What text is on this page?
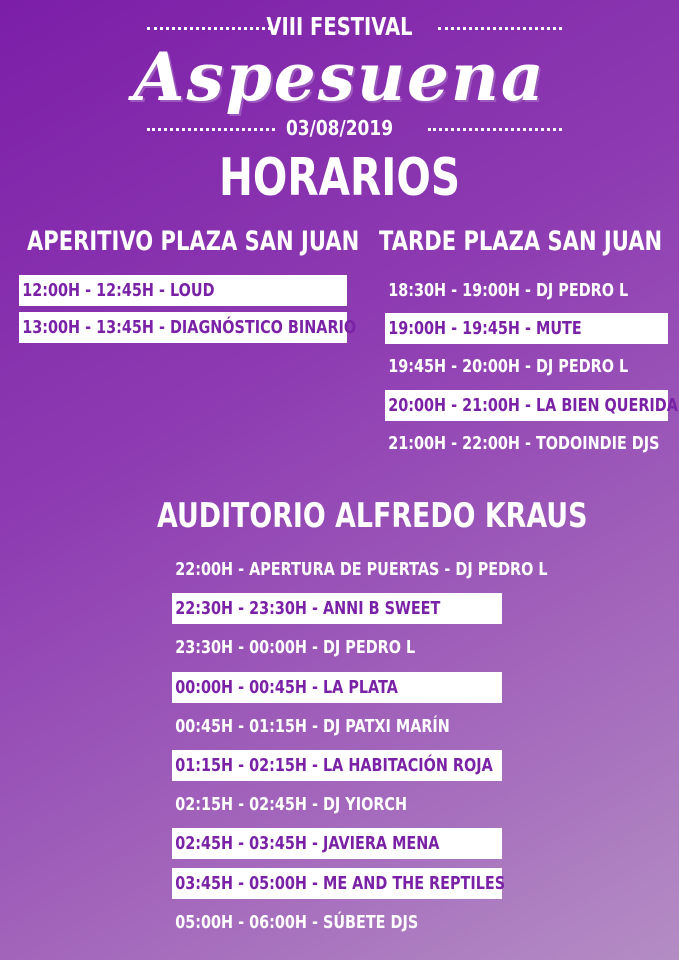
VIII FESTIVAL
Aspesuena
03/08/2019
HORARIOS
APERITIVO PLAZA SAN JUAN
12:00H - 12:45H - LOUD
13:00H - 13:45H - DIAGNÓSTICO BINARIO
TARDE PLAZA SAN JUAN
18:30H - 19:00H - DJ PEDRO L
19:00H - 19:45H - MUTE
19:45H - 20:00H - DJ PEDRO L
20:00H - 21:00H - LA BIEN QUERIDA
21:00H - 22:00H - TODOINDIE DJS
AUDITORIO ALFREDO KRAUS
22:00H - APERTURA DE PUERTAS - DJ PEDRO L
22:30H - 23:30H - ANNI B SWEET
23:30H - 00:00H - DJ PEDRO L
00:00H - 00:45H - LA PLATA
00:45H - 01:15H - DJ PATXI MARÍN
01:15H - 02:15H - LA HABITACIÓN ROJA
02:15H - 02:45H - DJ YIORCH
02:45H - 03:45H - JAVIERA MENA
03:45H - 05:00H - ME AND THE REPTILES
05:00H - 06:00H - SÚBETE DJS
